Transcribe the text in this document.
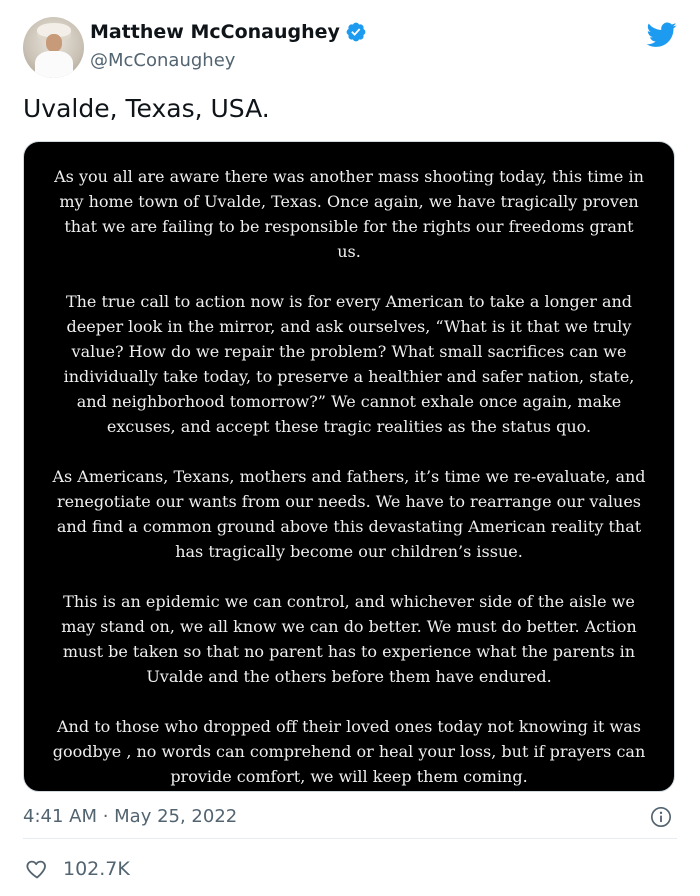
Matthew McConaughey
@McConaughey
Uvalde, Texas, USA.

As you all are aware there was another mass shooting today, this time in my home town of Uvalde, Texas. Once again, we have tragically proven that we are failing to be responsible for the rights our freedoms grant us.

The true call to action now is for every American to take a longer and deeper look in the mirror, and ask ourselves, “What is it that we truly value? How do we repair the problem? What small sacrifices can we individually take today, to preserve a healthier and safer nation, state, and neighborhood tomorrow?” We cannot exhale once again, make excuses, and accept these tragic realities as the status quo.

As Americans, Texans, mothers and fathers, it’s time we re-evaluate, and renegotiate our wants from our needs. We have to rearrange our values and find a common ground above this devastating American reality that has tragically become our children’s issue.

This is an epidemic we can control, and whichever side of the aisle we may stand on, we all know we can do better. We must do better. Action must be taken so that no parent has to experience what the parents in Uvalde and the others before them have endured.

And to those who dropped off their loved ones today not knowing it was goodbye , no words can comprehend or heal your loss, but if prayers can provide comfort, we will keep them coming.

4:41 AM · May 25, 2022
102.7K
